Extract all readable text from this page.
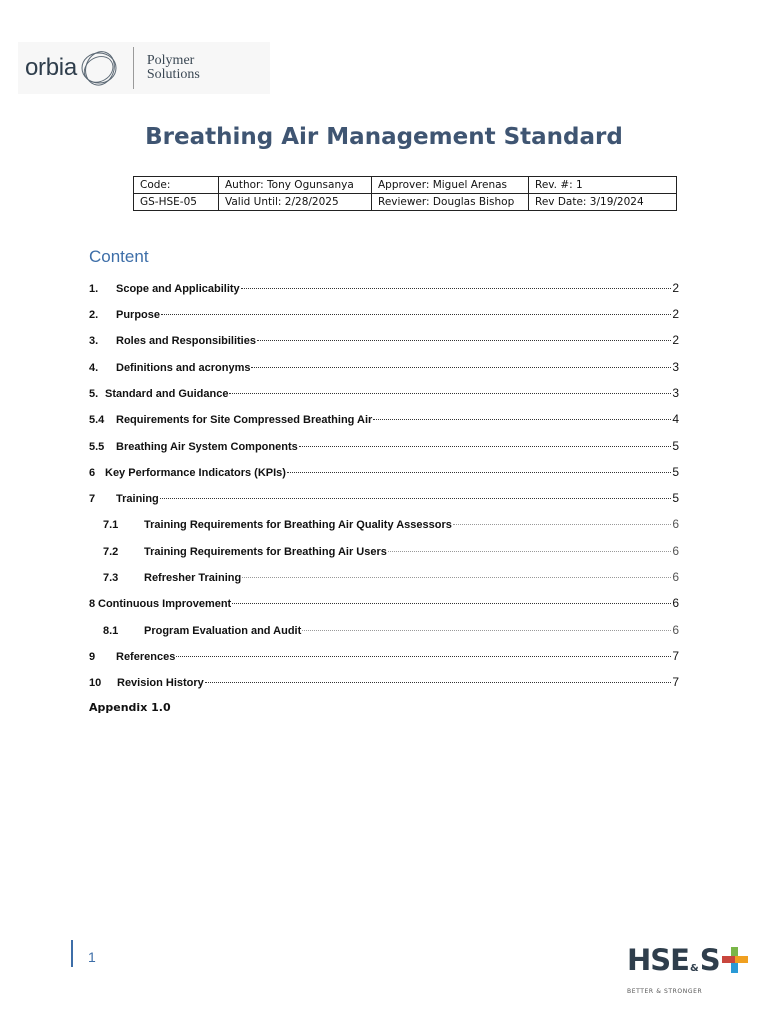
orbia	Polymer
Solutions
Breathing Air Management Standard
Code:	Author: Tony Ogunsanya	Approver: Miguel Arenas	Rev. #: 1
GS-HSE-05	Valid Until: 2/28/2025	Reviewer: Douglas Bishop	Rev Date: 3/19/2024
Content
1.	Scope and Applicability	2
2.	Purpose	2
3.	Roles and Responsibilities	2
4.	Definitions and acronyms	3
5. Standard and Guidance	3
5.4	Requirements for Site Compressed Breathing Air	4
5.5	Breathing Air System Components	5
6 Key Performance Indicators (KPIs)	5
7	Training	5
7.1	Training Requirements for Breathing Air Quality Assessors	6
7.2	Training Requirements for Breathing Air Users	6
7.3	Refresher Training	6
8 Continuous Improvement	6
8.1	Program Evaluation and Audit	6
9	References	7
10	Revision History	7
Appendix 1.0
1	HSE & S
BETTER & STRONGER
